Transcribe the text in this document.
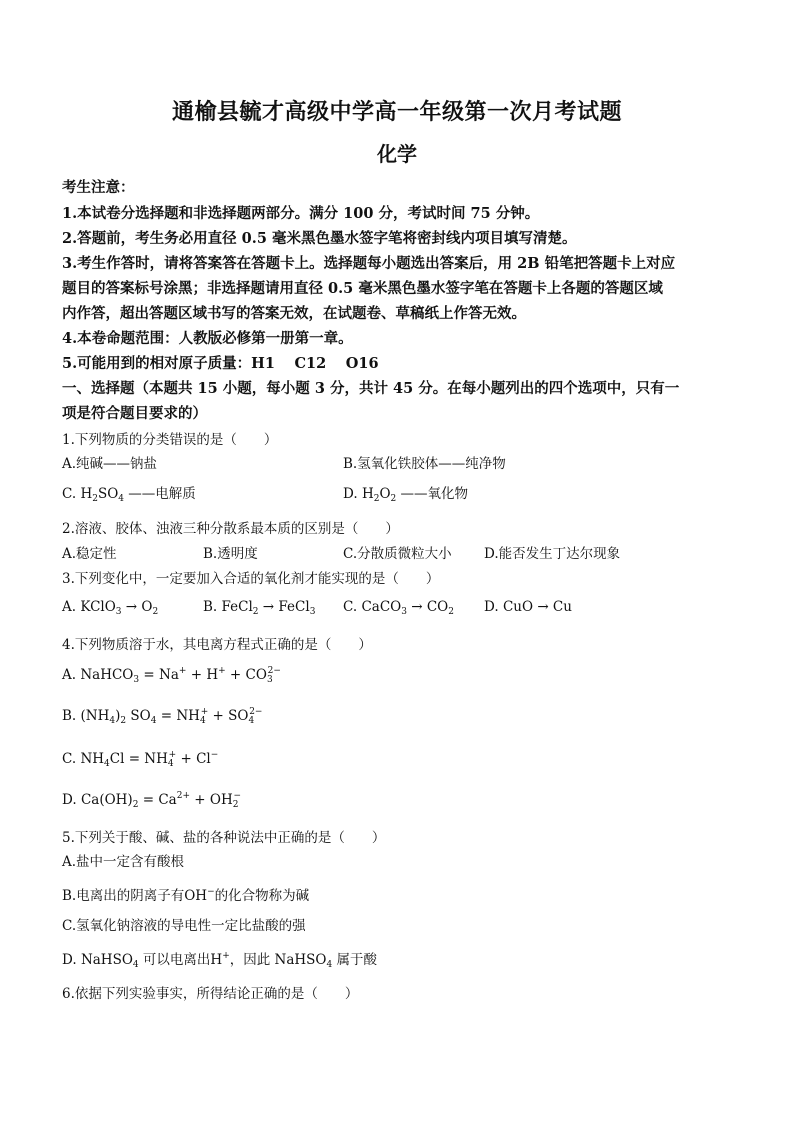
通榆县毓才高级中学高一年级第一次月考试题
化学
考生注意：
1.本试卷分选择题和非选择题两部分。满分 100 分，考试时间 75 分钟。
2.答题前，考生务必用直径 0.5 毫米黑色墨水签字笔将密封线内项目填写清楚。
3.考生作答时，请将答案答在答题卡上。选择题每小题选出答案后，用 2B 铅笔把答题卡上对应
题目的答案标号涂黑；非选择题请用直径 0.5 毫米黑色墨水签字笔在答题卡上各题的答题区域
内作答，超出答题区域书写的答案无效，在试题卷、草稿纸上作答无效。
4.本卷命题范围：人教版必修第一册第一章。
5.可能用到的相对原子质量：H1　 C12　 O16
一、选择题（本题共 15 小题，每小题 3 分，共计 45 分。在每小题列出的四个选项中，只有一
项是符合题目要求的）
1.下列物质的分类错误的是（　　）
A.纯碱——钠盐	B.氢氧化铁胶体——纯净物
C. $H_2SO_4$ ——电解质	D. $H_2O_2$ ——氧化物
2.溶液、胶体、浊液三种分散系最本质的区别是（　　）
A.稳定性	B.透明度	C.分散质微粒大小 D.能否发生丁达尔现象
3.下列变化中，一定要加入合适的氧化剂才能实现的是（　　）
A. KClO$_3$ → $O_2$	B. FeCl$_2$ → FeCl$_3$ C. CaCO$_3$ → $CO_2$ D. CuO → Cu
4.下列物质溶于水，其电离方程式正确的是（　　）
A. NaHCO$_3$ = $Na^+ + H^+ + CO_3^{2-}$
B. $(NH_4)_2$ $SO_4 = NH_4^+ + SO_4^{2-}$
C. $NH_4Cl = NH_4^+ + Cl^-$
D. $Ca(OH)_2 = Ca^{2+} + OH_2^-$
5.下列关于酸、碱、盐的各种说法中正确的是（　　）
A.盐中一定含有酸根
B.电离出的阴离子有OH−的化合物称为碱
C.氢氧化钠溶液的导电性一定比盐酸的强
D. NaHSO$_4$ 可以电离出H+，因此 NaHSO$_4$ 属于酸
6.依据下列实验事实，所得结论正确的是（　　）
